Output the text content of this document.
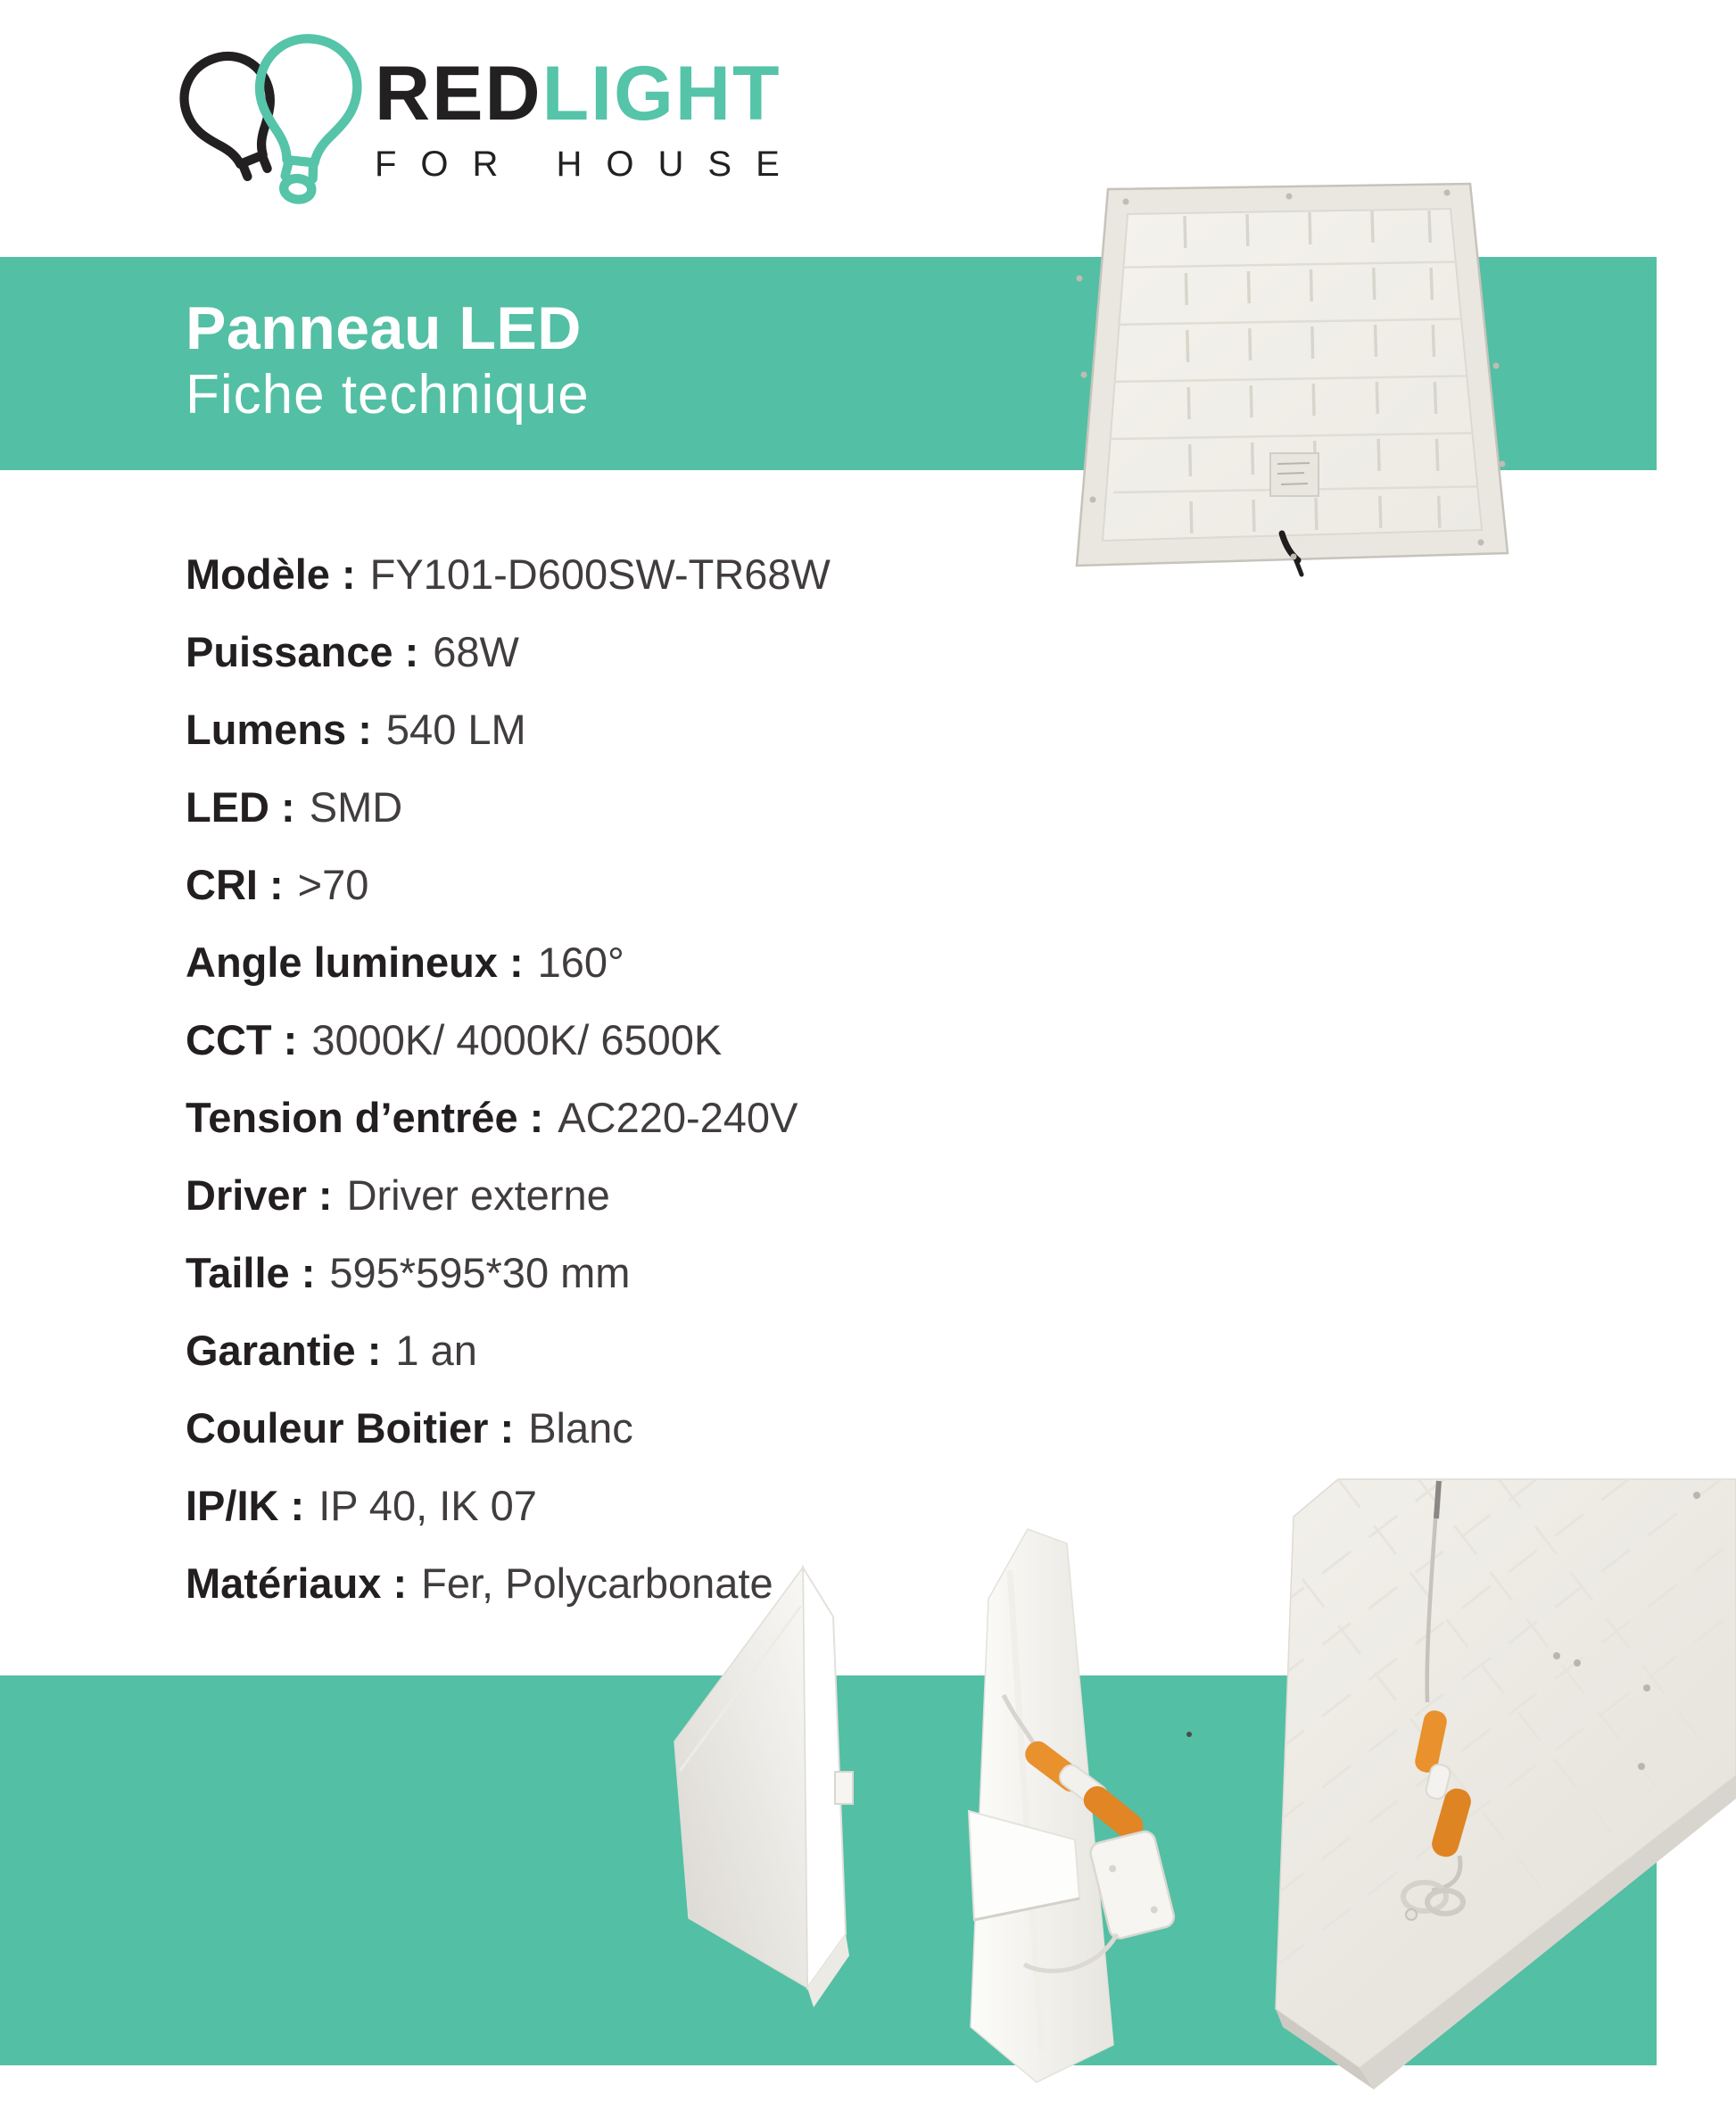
REDLIGHT
FOR HOUSE
Panneau LED
Fiche technique
Modèle : FY101-D600SW-TR68W
Puissance : 68W
Lumens : 540 LM
LED : SMD
CRI : >70
Angle lumineux : 160°
CCT : 3000K/ 4000K/ 6500K
Tension d’entrée : AC220-240V
Driver : Driver externe
Taille : 595*595*30 mm
Garantie : 1 an
Couleur Boitier : Blanc
IP/IK : IP 40, IK 07
Matériaux : Fer, Polycarbonate
